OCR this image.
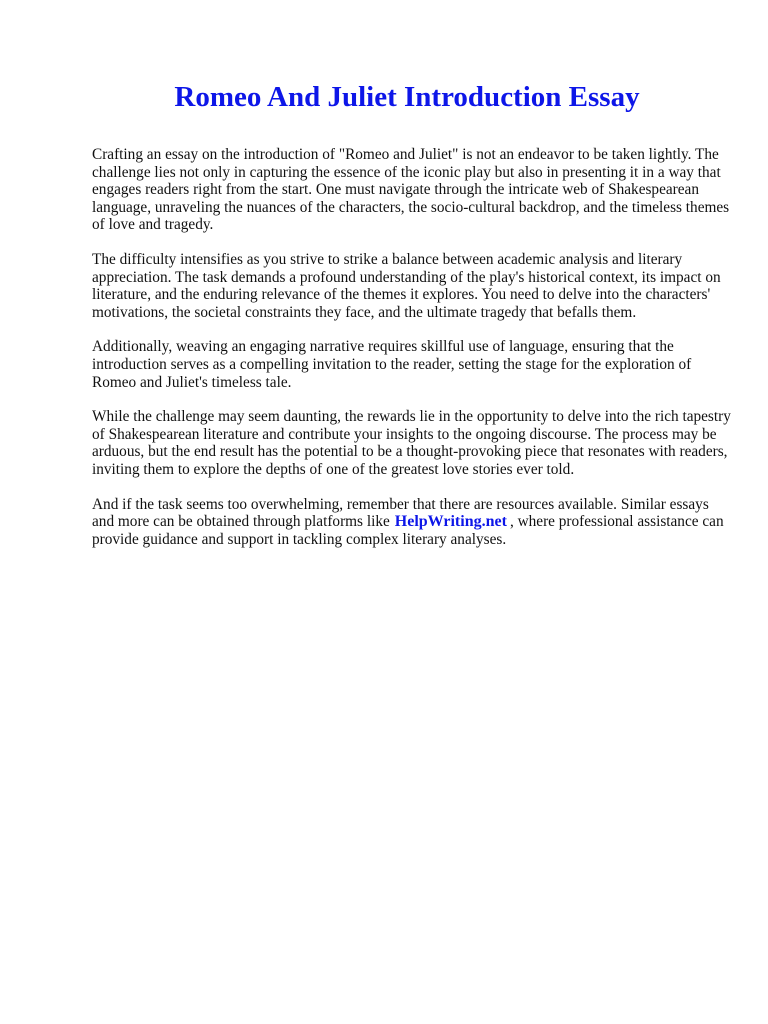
Romeo And Juliet Introduction Essay

Crafting an essay on the introduction of "Romeo and Juliet" is not an endeavor to be taken lightly. The challenge lies not only in capturing the essence of the iconic play but also in presenting it in a way that engages readers right from the start. One must navigate through the intricate web of Shakespearean language, unraveling the nuances of the characters, the socio-cultural backdrop, and the timeless themes of love and tragedy.

The difficulty intensifies as you strive to strike a balance between academic analysis and literary appreciation. The task demands a profound understanding of the play's historical context, its impact on literature, and the enduring relevance of the themes it explores. You need to delve into the characters' motivations, the societal constraints they face, and the ultimate tragedy that befalls them.

Additionally, weaving an engaging narrative requires skillful use of language, ensuring that the introduction serves as a compelling invitation to the reader, setting the stage for the exploration of Romeo and Juliet's timeless tale.

While the challenge may seem daunting, the rewards lie in the opportunity to delve into the rich tapestry of Shakespearean literature and contribute your insights to the ongoing discourse. The process may be arduous, but the end result has the potential to be a thought-provoking piece that resonates with readers, inviting them to explore the depths of one of the greatest love stories ever told.

And if the task seems too overwhelming, remember that there are resources available. Similar essays and more can be obtained through platforms like HelpWriting.net , where professional assistance can provide guidance and support in tackling complex literary analyses.
